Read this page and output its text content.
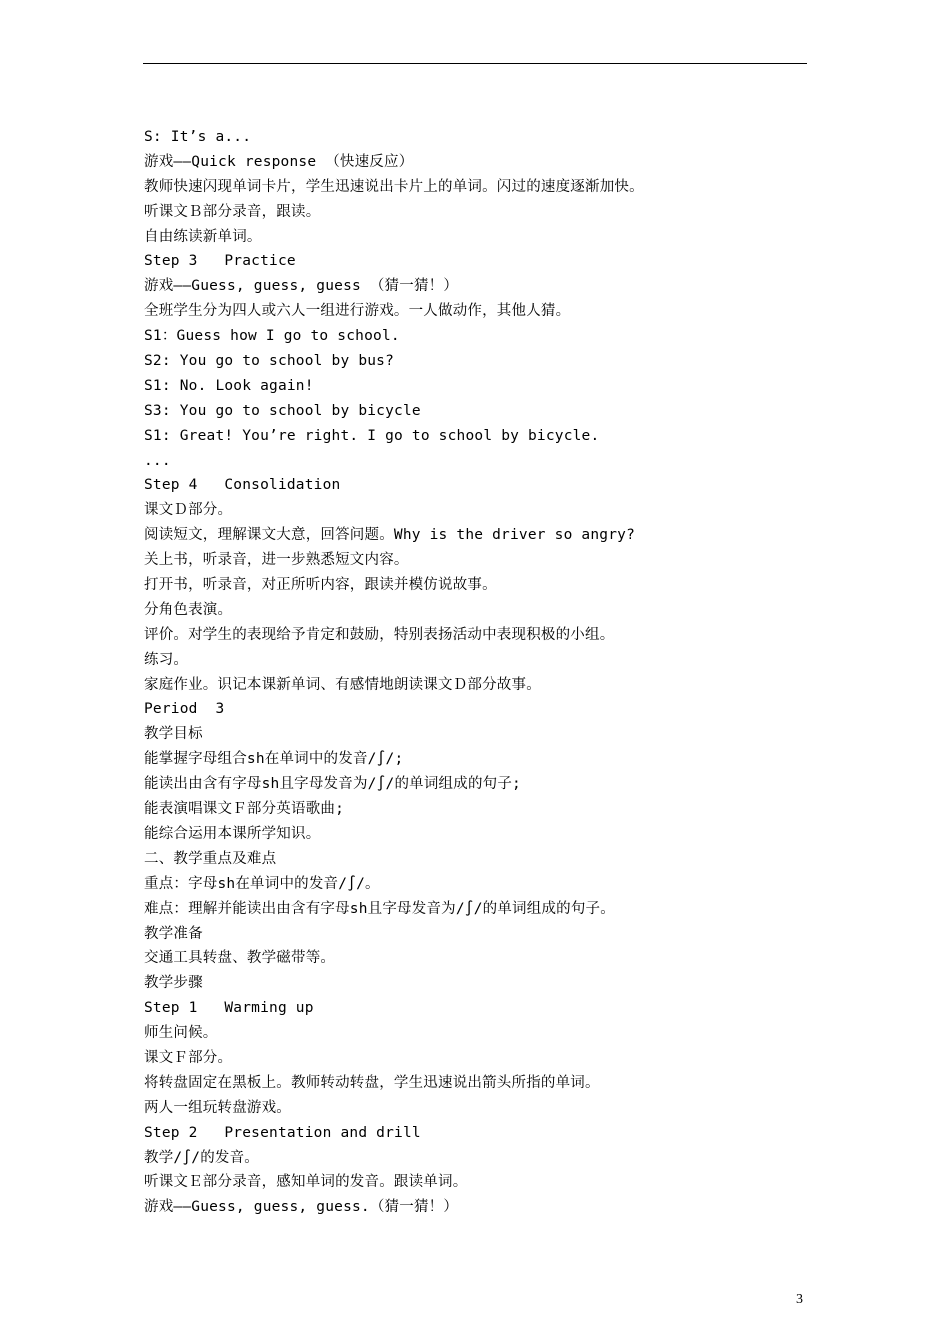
S: It’s a...
游戏——Quick response （快速反应）
教师快速闪现单词卡片，学生迅速说出卡片上的单词。闪过的速度逐渐加快。
听课文Ｂ部分录音，跟读。
自由练读新单词。
Step 3   Practice
游戏——Guess, guess, guess （猜一猜！）
全班学生分为四人或六人一组进行游戏。一人做动作，其他人猜。
S1：Guess how I go to school.
S2: You go to school by bus?
S1: No. Look again!
S3: You go to school by bicycle
S1: Great! You’re right. I go to school by bicycle.
...
Step 4   Consolidation
课文Ｄ部分。
阅读短文，理解课文大意，回答问题。Why is the driver so angry?
关上书，听录音，进一步熟悉短文内容。
打开书，听录音，对正所听内容，跟读并模仿说故事。
分角色表演。
评价。对学生的表现给予肯定和鼓励，特别表扬活动中表现积极的小组。
练习。
家庭作业。识记本课新单词、有感情地朗读课文Ｄ部分故事。
Period  3
教学目标
能掌握字母组合sh在单词中的发音/∫/;
能读出由含有字母sh且字母发音为/∫/的单词组成的句子;
能表演唱课文Ｆ部分英语歌曲;
能综合运用本课所学知识。
二、教学重点及难点
重点：字母sh在单词中的发音/∫/。
难点：理解并能读出由含有字母sh且字母发音为/∫/的单词组成的句子。
教学准备
交通工具转盘、教学磁带等。
教学步骤
Step 1   Warming up
师生问候。
课文Ｆ部分。
将转盘固定在黑板上。教师转动转盘，学生迅速说出箭头所指的单词。
两人一组玩转盘游戏。
Step 2   Presentation and drill
教学/∫/的发音。
听课文Ｅ部分录音，感知单词的发音。跟读单词。
游戏——Guess, guess, guess.（猜一猜！）
3
